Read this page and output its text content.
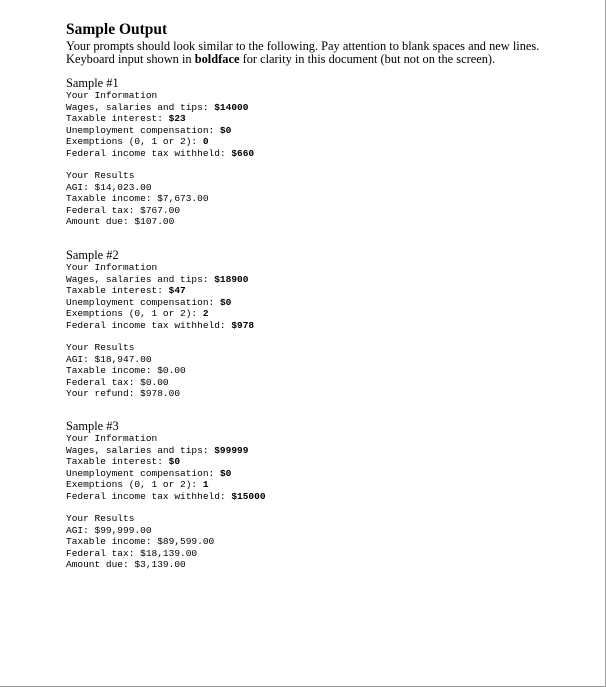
Sample Output

Your prompts should look similar to the following. Pay attention to blank spaces and new lines.
Keyboard input shown in boldface for clarity in this document (but not on the screen).

Sample #1

Your Information
Wages, salaries and tips: $14000
Taxable interest: $23
Unemployment compensation: $0
Exemptions (0, 1 or 2): 0
Federal income tax withheld: $660
Your Results
AGI: $14,023.00
Taxable income: $7,673.00
Federal tax: $767.00
Amount due: $107.00

Sample #2

Your Information
Wages, salaries and tips: $18900
Taxable interest: $47
Unemployment compensation: $0
Exemptions (0, 1 or 2): 2
Federal income tax withheld: $978
Your Results
AGI: $18,947.00
Taxable income: $0.00
Federal tax: $0.00
Your refund: $978.00

Sample #3

Your Information
Wages, salaries and tips: $99999
Taxable interest: $0
Unemployment compensation: $0
Exemptions (0, 1 or 2): 1
Federal income tax withheld: $15000
Your Results
AGI: $99,999.00
Taxable income: $89,599.00
Federal tax: $18,139.00
Amount due: $3,139.00
